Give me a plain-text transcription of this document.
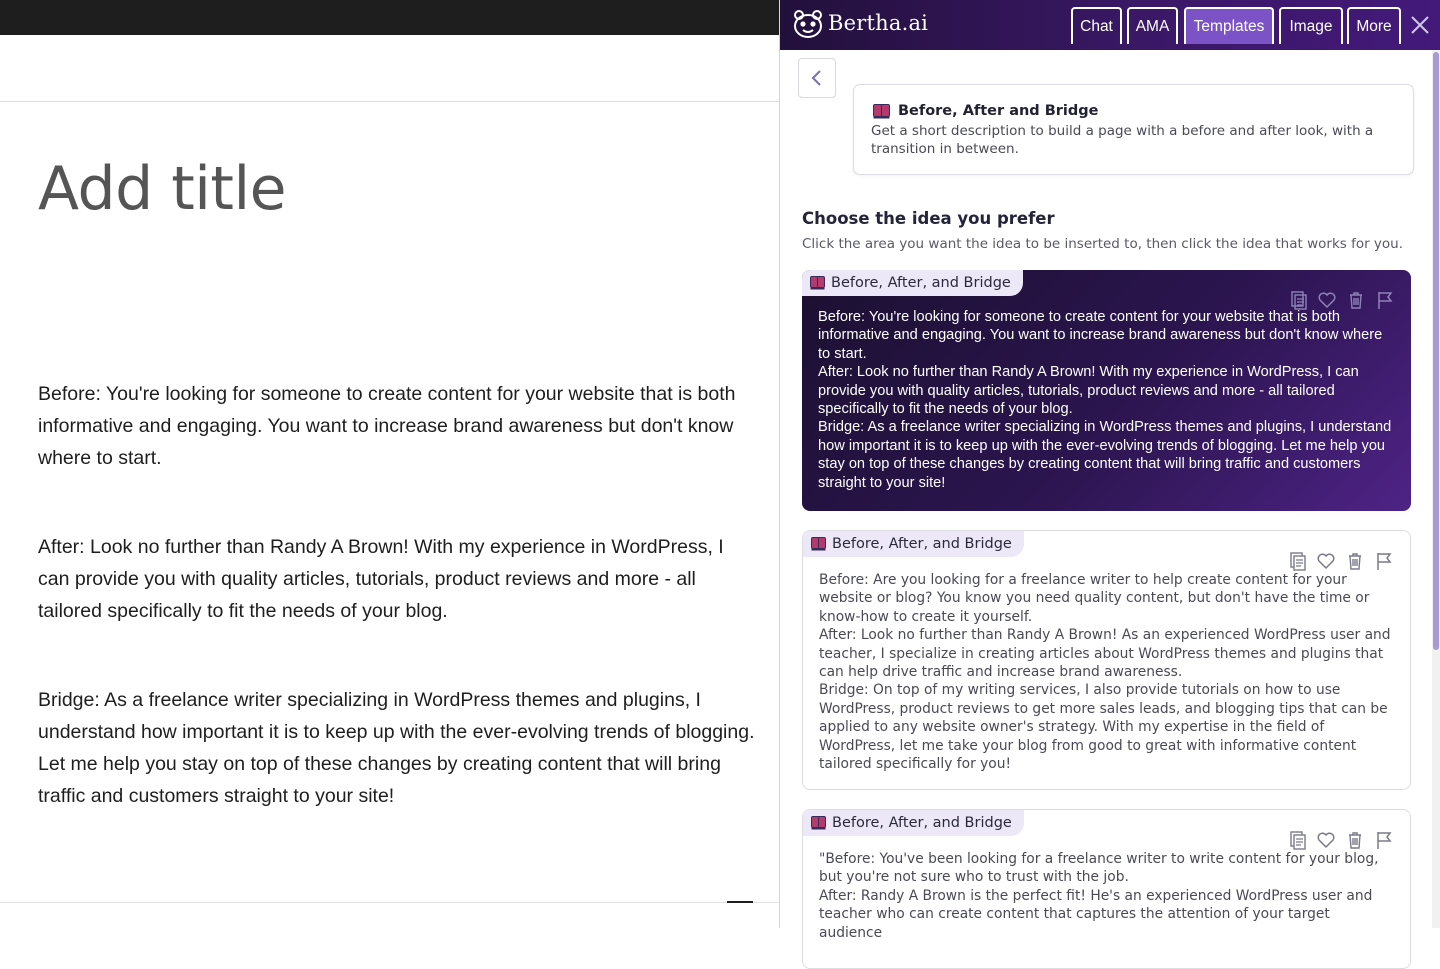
Add title

Before: You're looking for someone to create content for your website that is both informative and engaging. You want to increase brand awareness but don't know where to start.

After: Look no further than Randy A Brown! With my experience in WordPress, I can provide you with quality articles, tutorials, product reviews and more - all tailored specifically to fit the needs of your blog.

Bridge: As a freelance writer specializing in WordPress themes and plugins, I understand how important it is to keep up with the ever-evolving trends of blogging. Let me help you stay on top of these changes by creating content that will bring traffic and customers straight to your site!

Bertha.ai	Chat	AMA	Templates	Image	More
Before, After and Bridge
Get a short description to build a page with a before and after look, with a transition in between.
Choose the idea you prefer
Click the area you want the idea to be inserted to, then click the idea that works for you.
Before, After, and Bridge
Before: You're looking for someone to create content for your website that is both informative and engaging. You want to increase brand awareness but don't know where to start.
After: Look no further than Randy A Brown! With my experience in WordPress, I can provide you with quality articles, tutorials, product reviews and more - all tailored specifically to fit the needs of your blog.
Bridge: As a freelance writer specializing in WordPress themes and plugins, I understand how important it is to keep up with the ever-evolving trends of blogging. Let me help you stay on top of these changes by creating content that will bring traffic and customers straight to your site!
Before, After, and Bridge
Before: Are you looking for a freelance writer to help create content for your website or blog? You know you need quality content, but don't have the time or know-how to create it yourself.
After: Look no further than Randy A Brown! As an experienced WordPress user and teacher, I specialize in creating articles about WordPress themes and plugins that can help drive traffic and increase brand awareness.
Bridge: On top of my writing services, I also provide tutorials on how to use WordPress, product reviews to get more sales leads, and blogging tips that can be applied to any website owner's strategy. With my expertise in the field of WordPress, let me take your blog from good to great with informative content tailored specifically for you!
Before, After, and Bridge
"Before: You've been looking for a freelance writer to write content for your blog, but you're not sure who to trust with the job.
After: Randy A Brown is the perfect fit! He's an experienced WordPress user and teacher who can create content that captures the attention of your target audience
